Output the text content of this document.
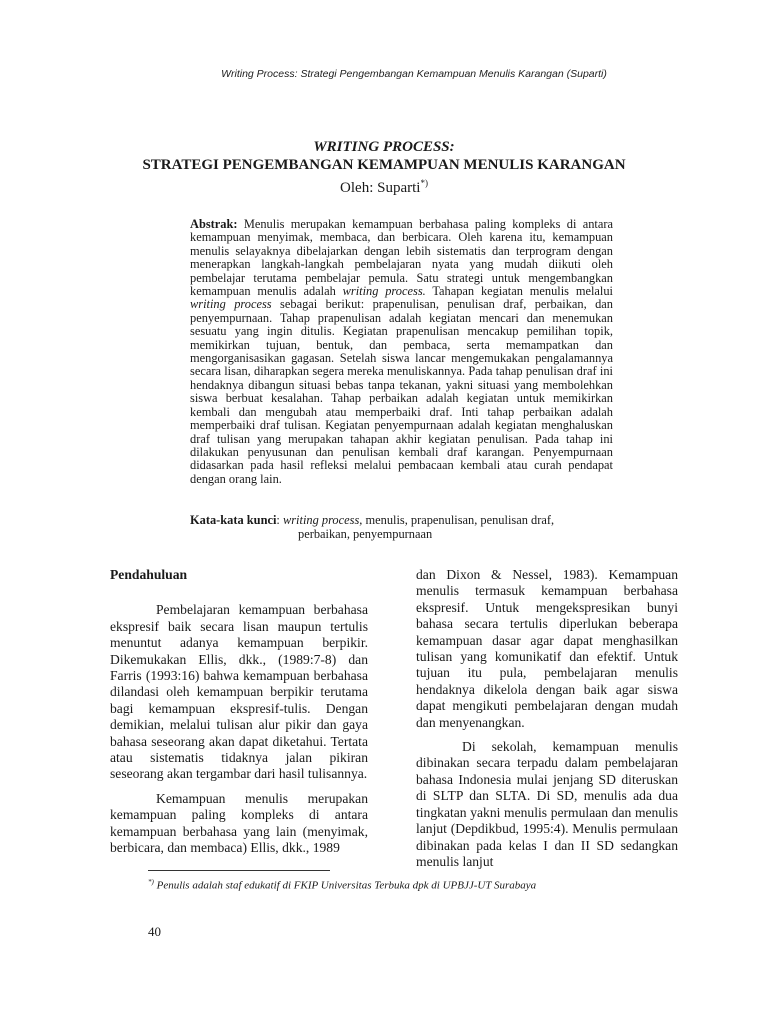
Writing Process: Strategi Pengembangan Kemampuan Menulis Karangan (Suparti)
WRITING PROCESS:
STRATEGI PENGEMBANGAN KEMAMPUAN MENULIS KARANGAN
Oleh: Suparti*)

Abstrak: Menulis merupakan kemampuan berbahasa paling kompleks di antara kemampuan menyimak, membaca, dan berbicara. Oleh karena itu, kemampuan menulis selayaknya dibelajarkan dengan lebih sistematis dan terprogram dengan menerapkan langkah-langkah pembelajaran nyata yang mudah diikuti oleh pembelajar terutama pembelajar pemula. Satu strategi untuk mengembangkan kemampuan menulis adalah writing process. Tahapan kegiatan menulis melalui writing process sebagai berikut: prapenulisan, penulisan draf, perbaikan, dan penyempurnaan. Tahap prapenulisan adalah kegiatan mencari dan menemukan sesuatu yang ingin ditulis. Kegiatan prapenulisan mencakup pemilihan topik, memikirkan tujuan, bentuk, dan pembaca, serta memampatkan dan mengorganisasikan gagasan. Setelah siswa lancar mengemukakan pengalamannya secara lisan, diharapkan segera mereka menuliskannya. Pada tahap penulisan draf ini hendaknya dibangun situasi bebas tanpa tekanan, yakni situasi yang membolehkan siswa berbuat kesalahan. Tahap perbaikan adalah kegiatan untuk memikirkan kembali dan mengubah atau memperbaiki draf. Inti tahap perbaikan adalah memperbaiki draf tulisan. Kegiatan penyempurnaan adalah kegiatan menghaluskan draf tulisan yang merupakan tahapan akhir kegiatan penulisan. Pada tahap ini dilakukan penyusunan dan penulisan kembali draf karangan. Penyempurnaan didasarkan pada hasil refleksi melalui pembacaan kembali atau curah pendapat dengan orang lain.

Kata-kata kunci: writing process, menulis, prapenulisan, penulisan draf,
perbaikan, penyempurnaan
Pendahuluan

Pembelajaran kemampuan berbahasa ekspresif baik secara lisan maupun tertulis menuntut adanya kemampuan berpikir. Dikemukakan Ellis, dkk., (1989:7-8) dan Farris (1993:16) bahwa kemampuan berbahasa dilandasi oleh kemampuan berpikir terutama bagi kemampuan ekspresif-tulis. Dengan demikian, melalui tulisan alur pikir dan gaya bahasa seseorang akan dapat diketahui. Tertata atau sistematis tidaknya jalan pikiran seseorang akan tergambar dari hasil tulisannya.

Kemampuan menulis merupakan kemampuan paling kompleks di antara kemampuan berbahasa yang lain (menyimak, berbicara, dan membaca) Ellis, dkk., 1989

dan Dixon & Nessel, 1983). Kemampuan menulis termasuk kemampuan berbahasa ekspresif. Untuk mengekspresikan bunyi bahasa secara tertulis diperlukan beberapa kemampuan dasar agar dapat menghasilkan tulisan yang komunikatif dan efektif. Untuk tujuan itu pula, pembelajaran menulis hendaknya dikelola dengan baik agar siswa dapat mengikuti pembelajaran dengan mudah dan menyenangkan.

Di sekolah, kemampuan menulis dibinakan secara terpadu dalam pembelajaran bahasa Indonesia mulai jenjang SD diteruskan di SLTP dan SLTA. Di SD, menulis ada dua tingkatan yakni menulis permulaan dan menulis lanjut (Depdikbud, 1995:4). Menulis permulaan dibinakan pada kelas I dan II SD sedangkan menulis lanjut

*) Penulis adalah staf edukatif di FKIP Universitas Terbuka dpk di UPBJJ-UT Surabaya
40
